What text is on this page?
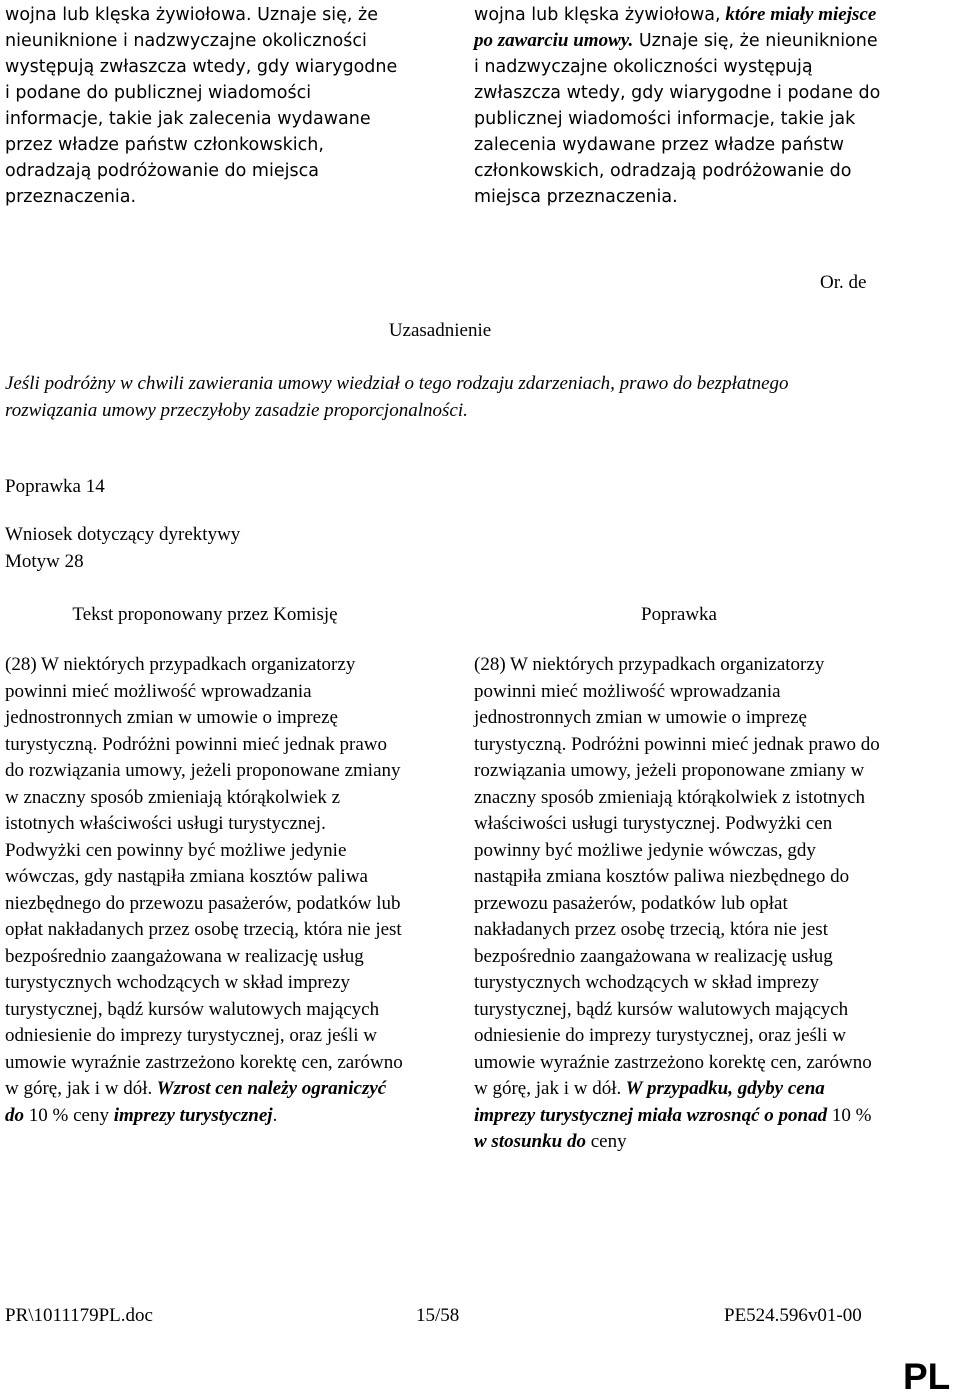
wojna lub klęska żywiołowa. Uznaje się, że nieuniknione i nadzwyczajne okoliczności występują zwłaszcza wtedy, gdy wiarygodne i podane do publicznej wiadomości informacje, takie jak zalecenia wydawane przez władze państw członkowskich, odradzają podróżowanie do miejsca przeznaczenia.
wojna lub klęska żywiołowa, które miały miejsce po zawarciu umowy. Uznaje się, że nieuniknione i nadzwyczajne okoliczności występują zwłaszcza wtedy, gdy wiarygodne i podane do publicznej wiadomości informacje, takie jak zalecenia wydawane przez władze państw członkowskich, odradzają podróżowanie do miejsca przeznaczenia.
Or. de
Uzasadnienie
Jeśli podróżny w chwili zawierania umowy wiedział o tego rodzaju zdarzeniach, prawo do bezpłatnego rozwiązania umowy przeczyłoby zasadzie proporcjonalności.
Poprawka 14
Wniosek dotyczący dyrektywy
Motyw 28
Tekst proponowany przez Komisję	Poprawka
(28) W niektórych przypadkach organizatorzy powinni mieć możliwość wprowadzania jednostronnych zmian w umowie o imprezę turystyczną. Podróżni powinni mieć jednak prawo do rozwiązania umowy, jeżeli proponowane zmiany w znaczny sposób zmieniają którąkolwiek z istotnych właściwości usługi turystycznej. Podwyżki cen powinny być możliwe jedynie wówczas, gdy nastąpiła zmiana kosztów paliwa niezbędnego do przewozu pasażerów, podatków lub opłat nakładanych przez osobę trzecią, która nie jest bezpośrednio zaangażowana w realizację usług turystycznych wchodzących w skład imprezy turystycznej, bądź kursów walutowych mających odniesienie do imprezy turystycznej, oraz jeśli w umowie wyraźnie zastrzeżono korektę cen, zarówno w górę, jak i w dół. Wzrost cen należy ograniczyć do 10 % ceny imprezy turystycznej.
(28) W niektórych przypadkach organizatorzy powinni mieć możliwość wprowadzania jednostronnych zmian w umowie o imprezę turystyczną. Podróżni powinni mieć jednak prawo do rozwiązania umowy, jeżeli proponowane zmiany w znaczny sposób zmieniają którąkolwiek z istotnych właściwości usługi turystycznej. Podwyżki cen powinny być możliwe jedynie wówczas, gdy nastąpiła zmiana kosztów paliwa niezbędnego do przewozu pasażerów, podatków lub opłat nakładanych przez osobę trzecią, która nie jest bezpośrednio zaangażowana w realizację usług turystycznych wchodzących w skład imprezy turystycznej, bądź kursów walutowych mających odniesienie do imprezy turystycznej, oraz jeśli w umowie wyraźnie zastrzeżono korektę cen, zarówno w górę, jak i w dół. W przypadku, gdyby cena imprezy turystycznej miała wzrosnąć o ponad 10 % w stosunku do ceny
PR\1011179PL.doc	15/58	PE524.596v01-00
PL
